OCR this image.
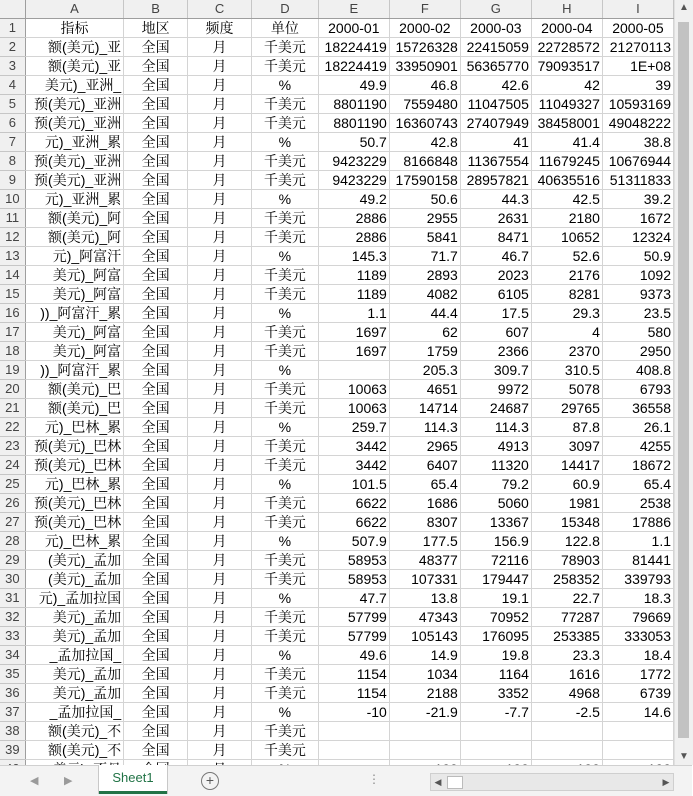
	A	B	C	D	E	F	G	H	I
1	指标	地区	频度	单位	2000-01	2000-02	2000-03	2000-04	2000-05
2	额(美元)_亚	全国	月	千美元	18224419	15726328	22415059	22728572	21270113
3	额(美元)_亚	全国	月	千美元	18224419	33950901	56365770	79093517	1E+08
4	美元)_亚洲_	全国	月	%	49.9	46.8	42.6	42	39
5	预(美元)_亚洲	全国	月	千美元	8801190	7559480	11047505	11049327	10593169
6	预(美元)_亚洲	全国	月	千美元	8801190	16360743	27407949	38458001	49048222
7	元)_亚洲_累	全国	月	%	50.7	42.8	41	41.4	38.8
8	预(美元)_亚洲	全国	月	千美元	9423229	8166848	11367554	11679245	10676944
9	预(美元)_亚洲	全国	月	千美元	9423229	17590158	28957821	40635516	51311833
10	元)_亚洲_累	全国	月	%	49.2	50.6	44.3	42.5	39.2
11	额(美元)_阿	全国	月	千美元	2886	2955	2631	2180	1672
12	额(美元)_阿	全国	月	千美元	2886	5841	8471	10652	12324
13	元)_阿富汗	全国	月	%	145.3	71.7	46.7	52.6	50.9
14	美元)_阿富	全国	月	千美元	1189	2893	2023	2176	1092
15	美元)_阿富	全国	月	千美元	1189	4082	6105	8281	9373
16	))_阿富汗_累	全国	月	%	1.1	44.4	17.5	29.3	23.5
17	美元)_阿富	全国	月	千美元	1697	62	607	4	580
18	美元)_阿富	全国	月	千美元	1697	1759	2366	2370	2950
19	))_阿富汗_累	全国	月	%		205.3	309.7	310.5	408.8
20	额(美元)_巴	全国	月	千美元	10063	4651	9972	5078	6793
21	额(美元)_巴	全国	月	千美元	10063	14714	24687	29765	36558
22	元)_巴林_累	全国	月	%	259.7	114.3	114.3	87.8	26.1
23	预(美元)_巴林	全国	月	千美元	3442	2965	4913	3097	4255
24	预(美元)_巴林	全国	月	千美元	3442	6407	11320	14417	18672
25	元)_巴林_累	全国	月	%	101.5	65.4	79.2	60.9	65.4
26	预(美元)_巴林	全国	月	千美元	6622	1686	5060	1981	2538
27	预(美元)_巴林	全国	月	千美元	6622	8307	13367	15348	17886
28	元)_巴林_累	全国	月	%	507.9	177.5	156.9	122.8	1.1
29	(美元)_孟加	全国	月	千美元	58953	48377	72116	78903	81441
30	(美元)_孟加	全国	月	千美元	58953	107331	179447	258352	339793
31	元)_孟加拉国	全国	月	%	47.7	13.8	19.1	22.7	18.3
32	美元)_孟加	全国	月	千美元	57799	47343	70952	77287	79669
33	美元)_孟加	全国	月	千美元	57799	105143	176095	253385	333053
34	_孟加拉国_	全国	月	%	49.6	14.9	19.8	23.3	18.4
35	美元)_孟加	全国	月	千美元	1154	1034	1164	1616	1772
36	美元)_孟加	全国	月	千美元	1154	2188	3352	4968	6739
37	_孟加拉国_	全国	月	%	-10	-21.9	-7.7	-2.5	14.6
38	额(美元)_不	全国	月	千美元					
39	额(美元)_不	全国	月	千美元					

▲
▼
◀ ▶	Sheet1	+	⋮	◀	▶
